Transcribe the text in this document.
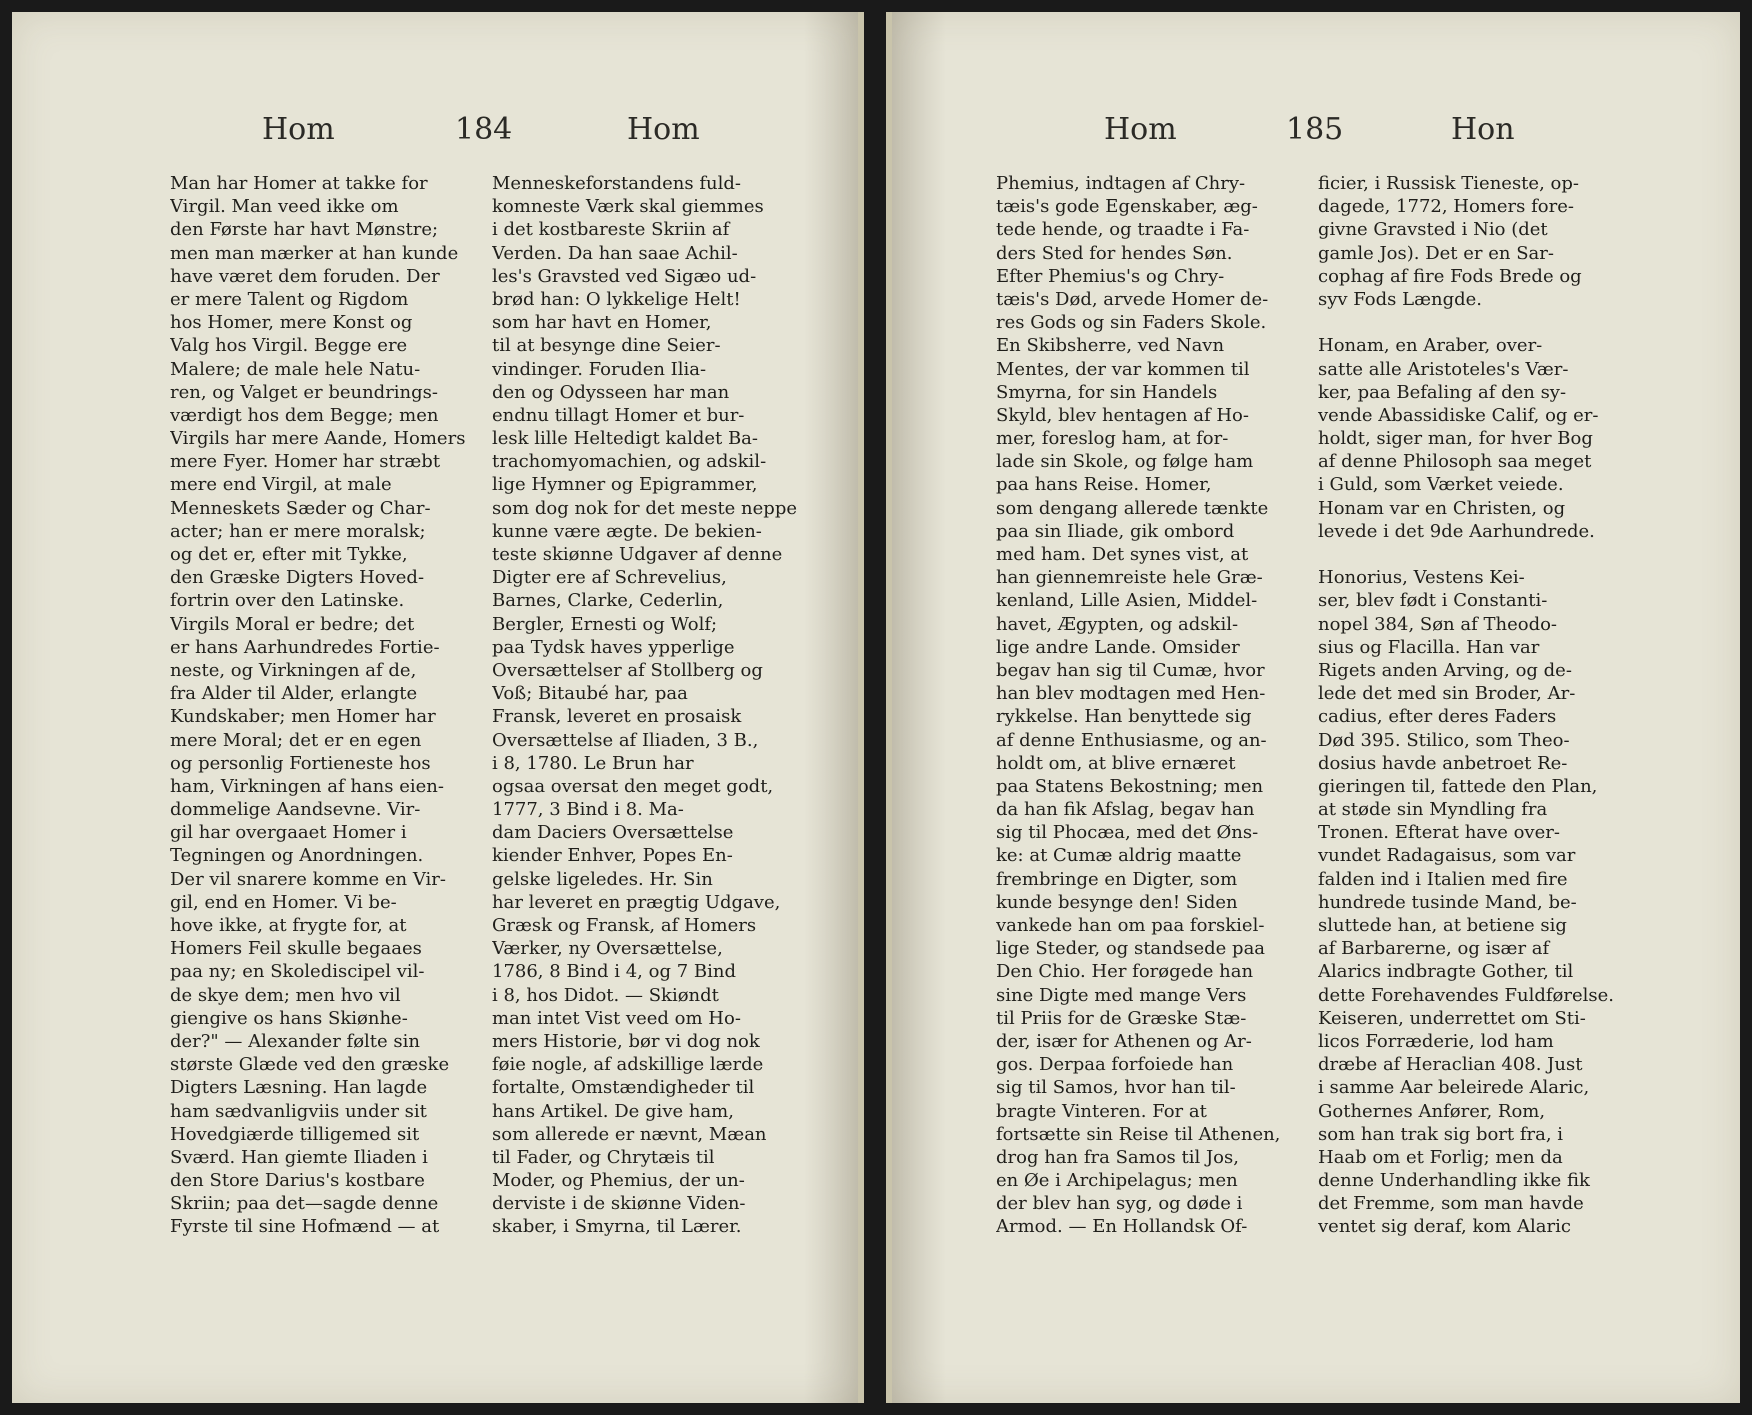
Hom	184	Hom
Man har Homer at takke for
Virgil. Man veed ikke om
den Første har havt Mønstre;
men man mærker at han kunde
have været dem foruden. Der
er mere Talent og Rigdom
hos Homer, mere Konst og
Valg hos Virgil. Begge ere
Malere; de male hele Natu-
ren, og Valget er beundrings-
værdigt hos dem Begge; men
Virgils har mere Aande, Homers
mere Fyer. Homer har stræbt
mere end Virgil, at male
Menneskets Sæder og Char-
acter; han er mere moralsk;
og det er, efter mit Tykke,
den Græske Digters Hoved-
fortrin over den Latinske.
Virgils Moral er bedre; det
er hans Aarhundredes Fortie-
neste, og Virkningen af de,
fra Alder til Alder, erlangte
Kundskaber; men Homer har
mere Moral; det er en egen
og personlig Fortieneste hos
ham, Virkningen af hans eien-
dommelige Aandsevne. Vir-
gil har overgaaet Homer i
Tegningen og Anordningen.
Der vil snarere komme en Vir-
gil, end en Homer. Vi be-
hove ikke, at frygte for, at
Homers Feil skulle begaaes
paa ny; en Skolediscipel vil-
de skye dem; men hvo vil
giengive os hans Skiønhe-
der?" — Alexander følte sin
største Glæde ved den græske
Digters Læsning. Han lagde
ham sædvanligviis under sit
Hovedgiærde tilligemed sit
Sværd. Han giemte Iliaden i
den Store Darius's kostbare
Skriin; paa det—sagde denne
Fyrste til sine Hofmænd — at
Menneskeforstandens fuld-
komneste Værk skal giemmes
i det kostbareste Skriin af
Verden. Da han saae Achil-
les's Gravsted ved Sigæo ud-
brød han: O lykkelige Helt!
som har havt en Homer,
til at besynge dine Seier-
vindinger. Foruden Ilia-
den og Odysseen har man
endnu tillagt Homer et bur-
lesk lille Heltedigt kaldet Ba-
trachomyomachien, og adskil-
lige Hymner og Epigrammer,
som dog nok for det meste neppe
kunne være ægte. De bekien-
teste skiønne Udgaver af denne
Digter ere af Schrevelius,
Barnes, Clarke, Cederlin,
Bergler, Ernesti og Wolf;
paa Tydsk haves ypperlige
Oversættelser af Stollberg og
Voß; Bitaubé har, paa
Fransk, leveret en prosaisk
Oversættelse af Iliaden, 3 B.,
i 8, 1780. Le Brun har
ogsaa oversat den meget godt,
1777, 3 Bind i 8. Ma-
dam Daciers Oversættelse
kiender Enhver, Popes En-
gelske ligeledes. Hr. Sin
har leveret en prægtig Udgave,
Græsk og Fransk, af Homers
Værker, ny Oversættelse,
1786, 8 Bind i 4, og 7 Bind
i 8, hos Didot. — Skiøndt
man intet Vist veed om Ho-
mers Historie, bør vi dog nok
føie nogle, af adskillige lærde
fortalte, Omstændigheder til
hans Artikel. De give ham,
som allerede er nævnt, Mæan
til Fader, og Chrytæis til
Moder, og Phemius, der un-
derviste i de skiønne Viden-
skaber, i Smyrna, til Lærer.
Hom	185	Hon
Phemius, indtagen af Chry-
tæis's gode Egenskaber, æg-
tede hende, og traadte i Fa-
ders Sted for hendes Søn.
Efter Phemius's og Chry-
tæis's Død, arvede Homer de-
res Gods og sin Faders Skole.
En Skibsherre, ved Navn
Mentes, der var kommen til
Smyrna, for sin Handels
Skyld, blev hentagen af Ho-
mer, foreslog ham, at for-
lade sin Skole, og følge ham
paa hans Reise. Homer,
som dengang allerede tænkte
paa sin Iliade, gik ombord
med ham. Det synes vist, at
han giennemreiste hele Græ-
kenland, Lille Asien, Middel-
havet, Ægypten, og adskil-
lige andre Lande. Omsider
begav han sig til Cumæ, hvor
han blev modtagen med Hen-
rykkelse. Han benyttede sig
af denne Enthusiasme, og an-
holdt om, at blive ernæret
paa Statens Bekostning; men
da han fik Afslag, begav han
sig til Phocæa, med det Øns-
ke: at Cumæ aldrig maatte
frembringe en Digter, som
kunde besynge den! Siden
vankede han om paa forskiel-
lige Steder, og standsede paa
Den Chio. Her forøgede han
sine Digte med mange Vers
til Priis for de Græske Stæ-
der, især for Athenen og Ar-
gos. Derpaa forfoiede han
sig til Samos, hvor han til-
bragte Vinteren. For at
fortsætte sin Reise til Athenen,
drog han fra Samos til Jos,
en Øe i Archipelagus; men
der blev han syg, og døde i
Armod. — En Hollandsk Of-
ficier, i Russisk Tieneste, op-
dagede, 1772, Homers fore-
givne Gravsted i Nio (det
gamle Jos). Det er en Sar-
cophag af fire Fods Brede og
syv Fods Længde.
Honam, en Araber, over-
satte alle Aristoteles's Vær-
ker, paa Befaling af den sy-
vende Abassidiske Calif, og er-
holdt, siger man, for hver Bog
af denne Philosoph saa meget
i Guld, som Værket veiede.
Honam var en Christen, og
levede i det 9de Aarhundrede.
Honorius, Vestens Kei-
ser, blev født i Constanti-
nopel 384, Søn af Theodo-
sius og Flacilla. Han var
Rigets anden Arving, og de-
lede det med sin Broder, Ar-
cadius, efter deres Faders
Død 395. Stilico, som Theo-
dosius havde anbetroet Re-
gieringen til, fattede den Plan,
at støde sin Myndling fra
Tronen. Efterat have over-
vundet Radagaisus, som var
falden ind i Italien med fire
hundrede tusinde Mand, be-
sluttede han, at betiene sig
af Barbarerne, og især af
Alarics indbragte Gother, til
dette Forehavendes Fuldførelse.
Keiseren, underrettet om Sti-
licos Forræderie, lod ham
dræbe af Heraclian 408. Just
i samme Aar beleirede Alaric,
Gothernes Anfører, Rom,
som han trak sig bort fra, i
Haab om et Forlig; men da
denne Underhandling ikke fik
det Fremme, som man havde
ventet sig deraf, kom Alaric
